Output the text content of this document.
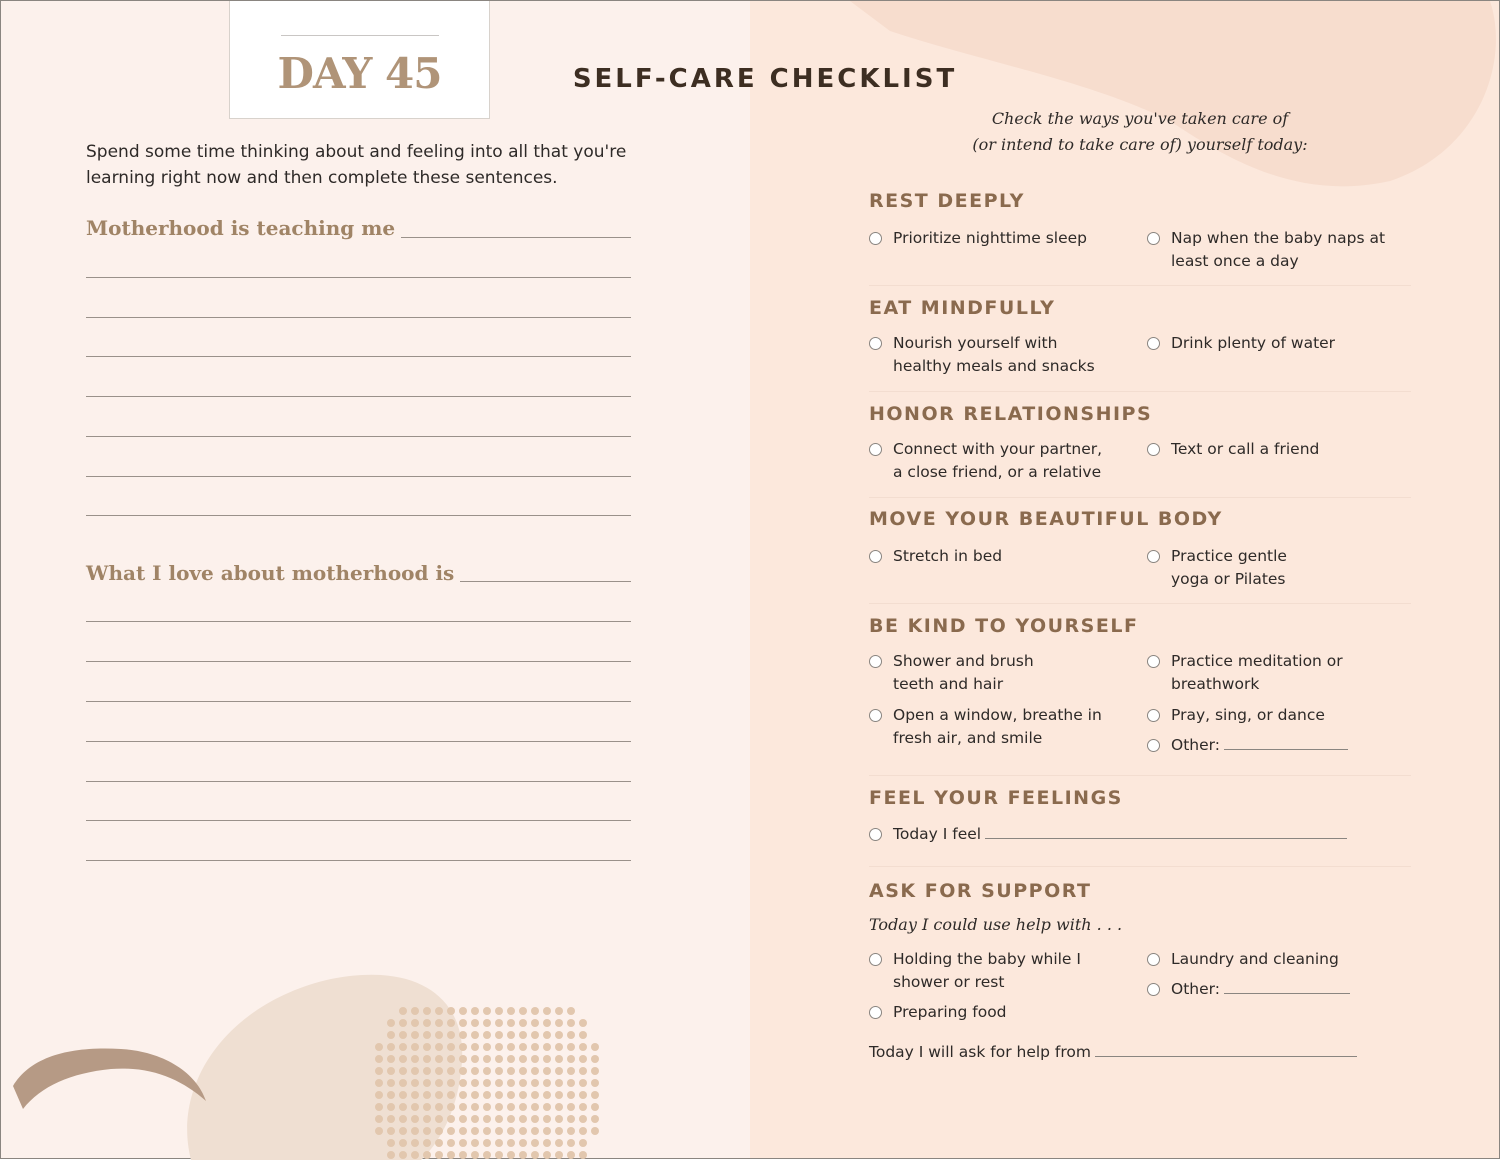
DAY 45
Spend some time thinking about and feeling into all that you're learning right now and then complete these sentences.
Motherhood is teaching me
What I love about motherhood is
SELF-CARE CHECKLIST
Check the ways you've taken care of
(or intend to take care of) yourself today:
REST DEEPLY
Prioritize nighttime sleep	Nap when the baby naps at least once a day
EAT MINDFULLY
Nourish yourself with healthy meals and snacks
Drink plenty of water
HONOR RELATIONSHIPS
Connect with your partner, a close friend, or a relative
Text or call a friend
MOVE YOUR BEAUTIFUL BODY
Stretch in bed	Practice gentle yoga or Pilates
BE KIND TO YOURSELF
Shower and brush teeth and hair
Practice meditation or breathwork
Open a window, breathe in fresh air, and smile
Pray, sing, or dance
Other:
FEEL YOUR FEELINGS
Today I feel
ASK FOR SUPPORT
Today I could use help with . . .
Holding the baby while I shower or rest
Laundry and cleaning
Other:
Preparing food
Today I will ask for help from
